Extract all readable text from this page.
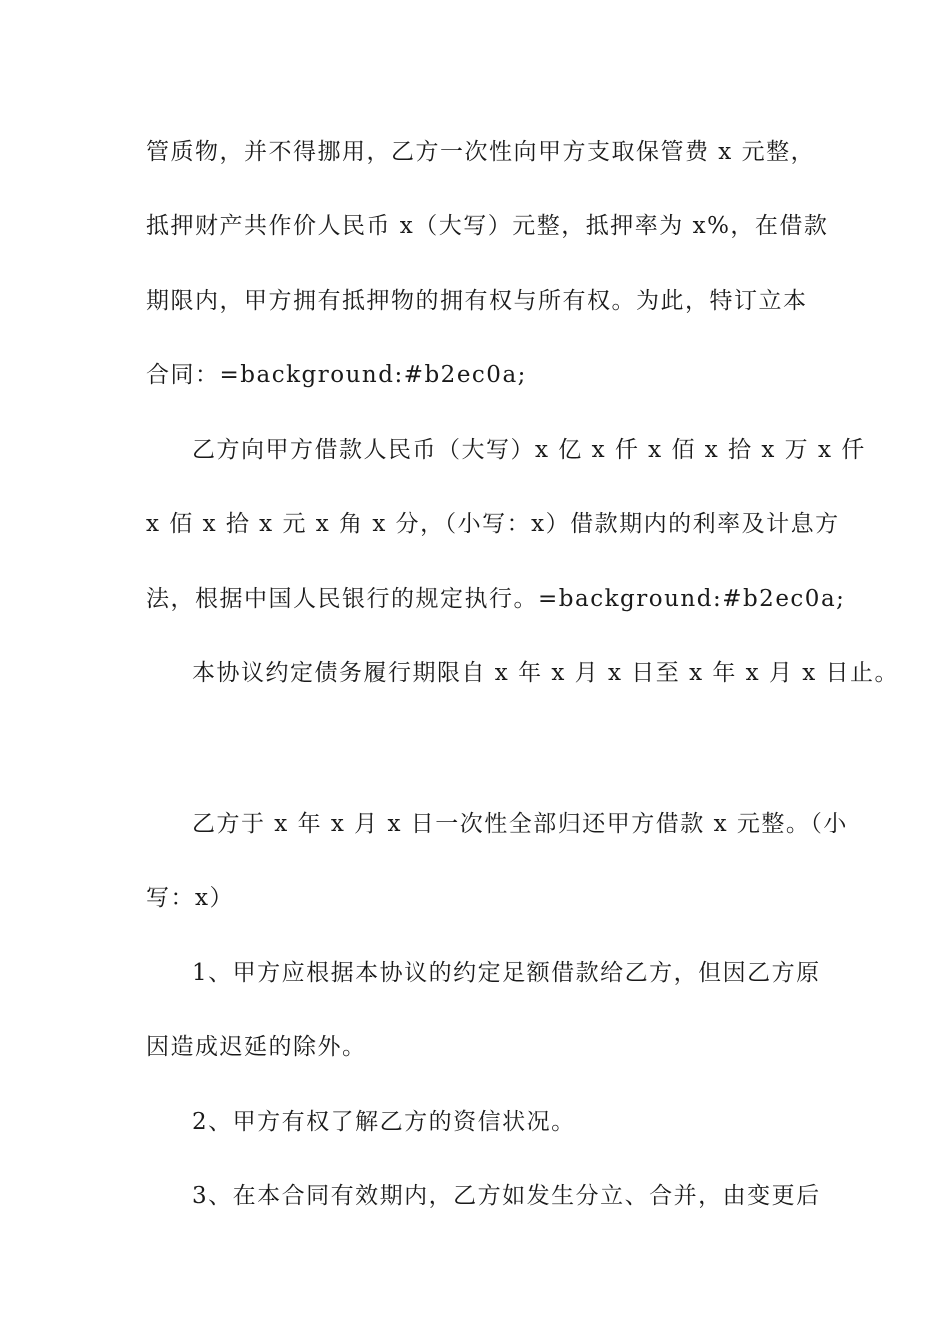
管质物，并不得挪用，乙方一次性向甲方支取保管费 x 元整，
抵押财产共作价人民币 x（大写）元整，抵押率为 x%，在借款
期限内，甲方拥有抵押物的拥有权与所有权。为此，特订立本
合同：=background:#b2ec0a;
乙方向甲方借款人民币（大写）x 亿 x 仟 x 佰 x 拾 x 万 x 仟
x 佰 x 拾 x 元 x 角 x 分，（小写：x）借款期内的利率及计息方
法，根据中国人民银行的规定执行。=background:#b2ec0a;
本协议约定债务履行期限自 x 年 x 月 x 日至 x 年 x 月 x 日止。
乙方于 x 年 x 月 x 日一次性全部归还甲方借款 x 元整。（小
写：x）
1、甲方应根据本协议的约定足额借款给乙方，但因乙方原
因造成迟延的除外。
2、甲方有权了解乙方的资信状况。
3、在本合同有效期内，乙方如发生分立、合并，由变更后
